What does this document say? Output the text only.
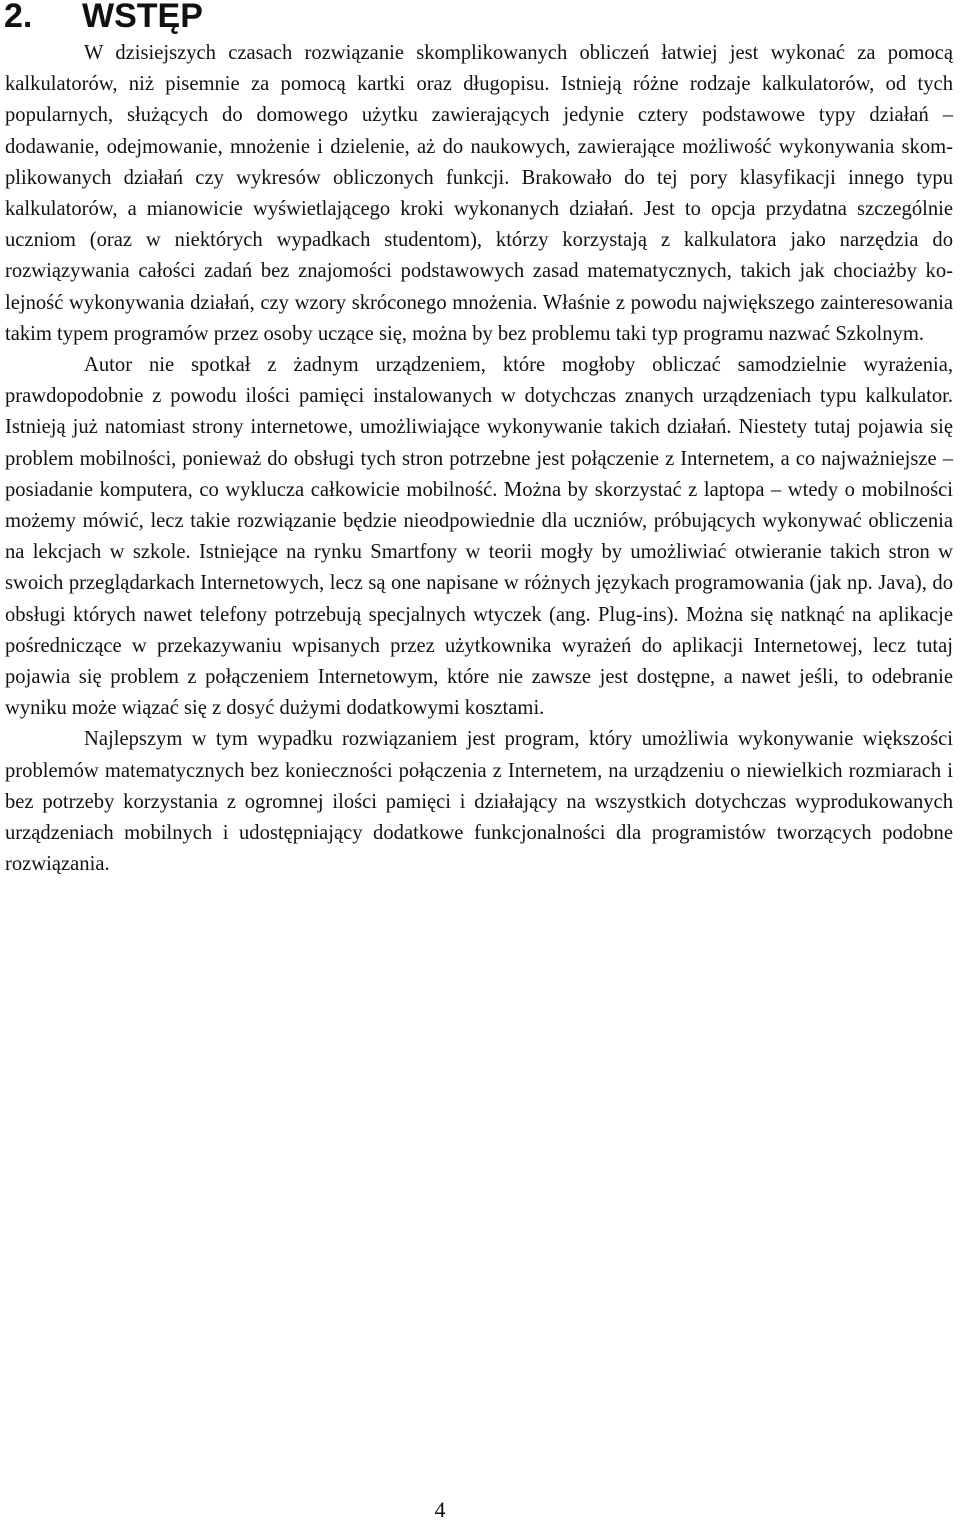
2. WSTĘP

W dzisiejszych czasach rozwiązanie skomplikowanych obliczeń łatwiej jest wykonać za pomocą kalkulatorów, niż pisemnie za pomocą kartki oraz długopisu. Istnieją różne rodzaje kalkulatorów, od tych popularnych, służących do domowego użytku zawierających jedynie cztery podstawowe typy działań – dodawanie, odejmowanie, mnożenie i dzielenie, aż do naukowych, zawierające możliwość wykonywania skomplikowanych działań czy wykresów obliczonych funkcji. Brakowało do tej pory klasyfikacji innego typu kalkulatorów, a mianowicie wyświetlającego kroki wykonanych działań. Jest to opcja przydatna szczególnie uczniom (oraz w niektórych wypadkach studentom), którzy korzystają z kalkulatora jako narzędzia do rozwiązywania całości zadań bez znajomości podstawowych zasad matematycznych, takich jak chociażby kolejność wykonywania działań, czy wzory skróconego mnożenia. Właśnie z powodu największego zainteresowania takim typem programów przez osoby uczące się, można by bez problemu taki typ programu nazwać Szkolnym.

Autor nie spotkał z żadnym urządzeniem, które mogłoby obliczać samodzielnie wyrażenia, prawdopodobnie z powodu ilości pamięci instalowanych w dotychczas znanych urządzeniach typu kalkulator. Istnieją już natomiast strony internetowe, umożliwiające wykonywanie takich działań. Niestety tutaj pojawia się problem mobilności, ponieważ do obsługi tych stron potrzebne jest połączenie z Internetem, a co najważniejsze – posiadanie komputera, co wyklucza całkowicie mobilność. Można by skorzystać z laptopa – wtedy o mobilności możemy mówić, lecz takie rozwiązanie będzie nieodpowiednie dla uczniów, próbujących wykonywać obliczenia na lekcjach w szkole. Istniejące na rynku Smartfony w teorii mogły by umożliwiać otwieranie takich stron w swoich przeglądarkach Internetowych, lecz są one napisane w różnych językach programowania (jak np. Java), do obsługi których nawet telefony potrzebują specjalnych wtyczek (ang. Plug-ins). Można się natknąć na aplikacje pośredniczące w przekazywaniu wpisanych przez użytkownika wyrażeń do aplikacji Internetowej, lecz tutaj pojawia się problem z połączeniem Internetowym, które nie zawsze jest dostępne, a nawet jeśli, to odebranie wyniku może wiązać się z dosyć dużymi dodatkowymi kosztami.

Najlepszym w tym wypadku rozwiązaniem jest program, który umożliwia wykonywanie większości problemów matematycznych bez konieczności połączenia z Internetem, na urządzeniu o niewielkich rozmiarach i bez potrzeby korzystania z ogromnej ilości pamięci i działający na wszystkich dotychczas wyprodukowanych urządzeniach mobilnych i udostępniający dodatkowe funkcjonalności dla programistów tworzących podobne rozwiązania.

4
